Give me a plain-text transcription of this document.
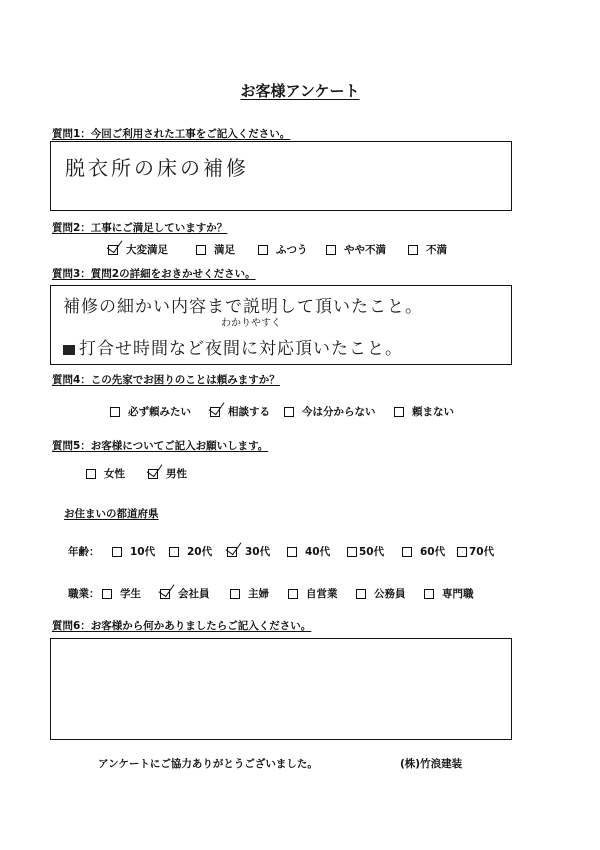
お客様アンケート
質問1：今回ご利用された工事をご記入ください。
脱衣所の床の補修
質問2：工事にご満足していますか？
大変満足	満足	ふつう	やや不満	不満
質問3：質問2の詳細をおきかせください。
補修の細かい内容まで説明して頂いたこと。
わかりやすく
打合せ時間など夜間に対応頂いたこと。
質問4：この先家でお困りのことは頼みますか？
必ず頼みたい	相談する	今は分からない	頼まない
質問5：お客様についてご記入お願いします。
女性	男性
お住まいの都道府県
年齢：	10代	20代	30代	40代	50代	60代 70代
職業： 学生	会社員	主婦	自営業	公務員	専門職
質問6：お客様から何かありましたらご記入ください。
アンケートにご協力ありがとうございました。	(株)竹浪建装
